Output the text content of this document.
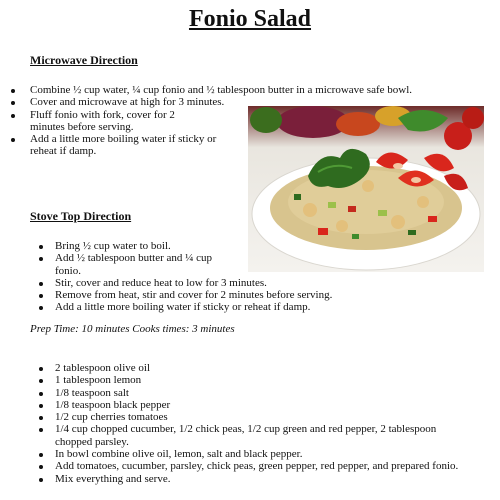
Fonio Salad
Microwave Direction
Combine ½ cup water, ¼ cup fonio and ½ tablespoon butter in a microwave safe bowl.
Cover and microwave at high for 3 minutes.
Fluff fonio with fork, cover for 2 minutes before serving.
Add a little more boiling water if sticky or reheat if damp.
Stove Top Direction
Bring ½ cup water to boil.
Add ½ tablespoon butter and ¼ cup fonio.
Stir, cover and reduce heat to low for 3 minutes.
Remove from heat, stir and cover for 2 minutes before serving.
Add a little more boiling water if sticky or reheat if damp.

Prep Time: 10 minutes Cooks times: 3 minutes

2 tablespoon olive oil
1 tablespoon lemon
1/8 teaspoon salt
1/8 teaspoon black pepper
1/2 cup cherries tomatoes
1/4 cup chopped cucumber, 1/2 chick peas, 1/2 cup green and red pepper, 2 tablespoon chopped parsley.
In bowl combine olive oil, lemon, salt and black pepper.
Add tomatoes, cucumber, parsley, chick peas, green pepper, red pepper, and prepared fonio.
Mix everything and serve.
